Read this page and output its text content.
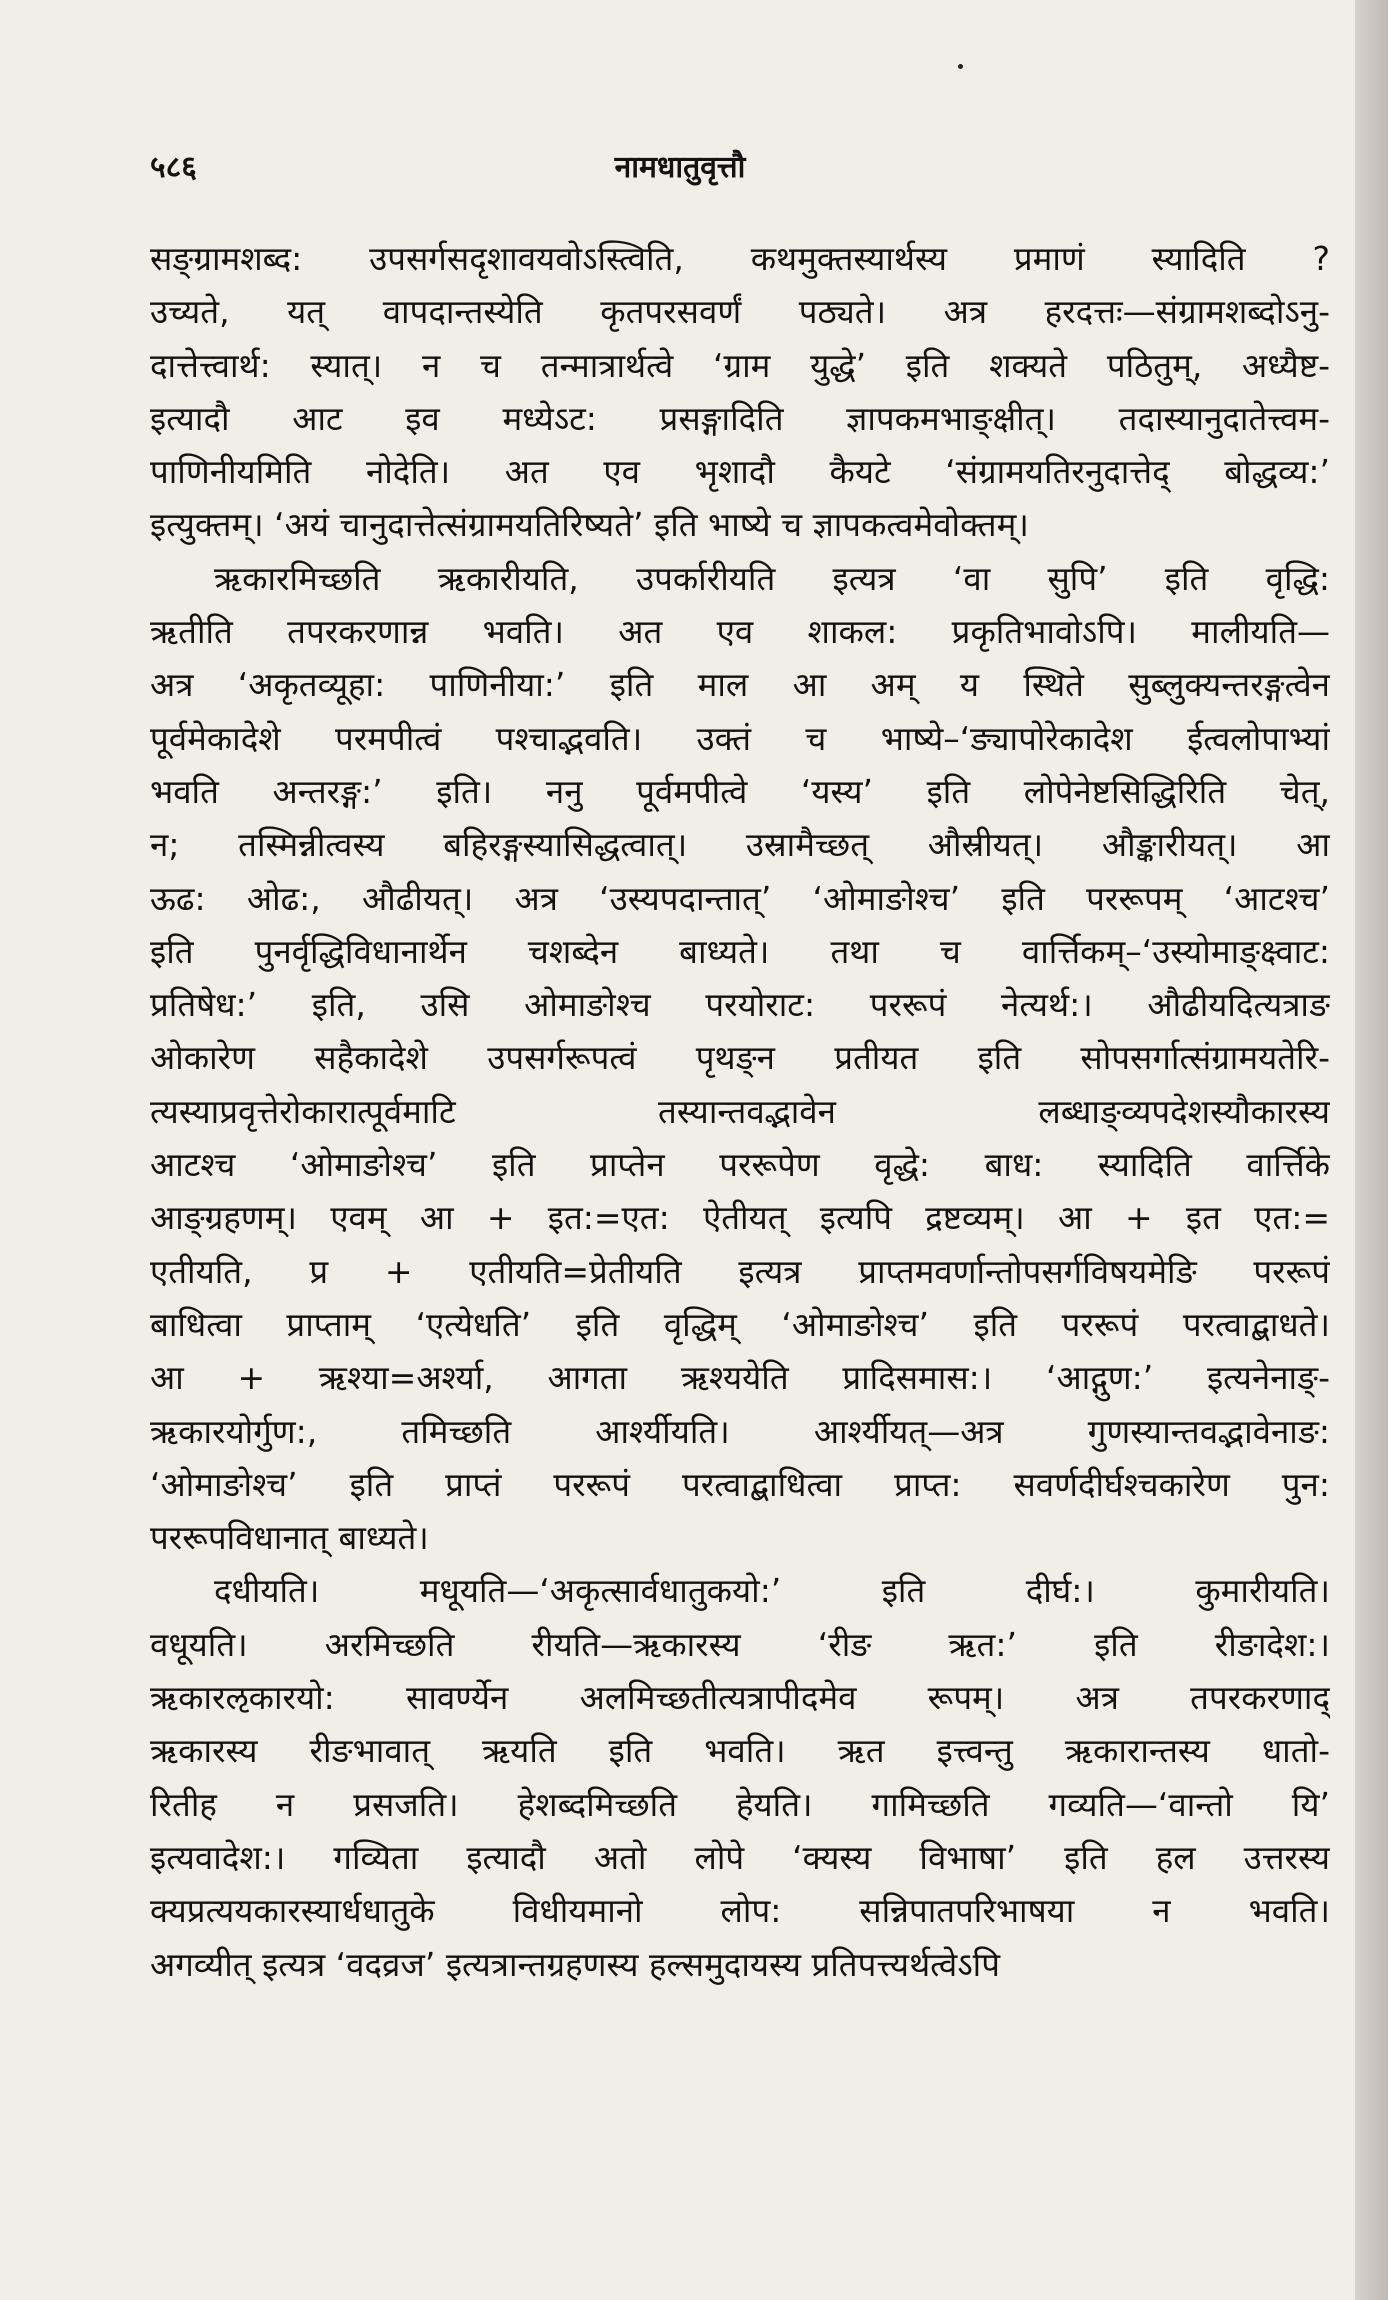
५८६	नामधातुवृत्तौ
सङ्ग्रामशब्द: उपसर्गसदृशावयवोऽस्त्विति, कथमुक्तस्यार्थस्य प्रमाणं स्यादिति ?
उच्यते, यत् वापदान्तस्येति कृतपरसवर्णं पठ्यते। अत्र हरदत्तः—संग्रामशब्दोऽनु-
दात्तेत्त्वार्थ: स्यात्। न च तन्मात्रार्थत्वे ‘ग्राम युद्धे’ इति शक्यते पठितुम्, अध्यैष्ट-
इत्यादौ आट इव मध्येऽट: प्रसङ्गादिति ज्ञापकमभाङ्क्षीत्। तदास्यानुदातेत्त्वम-
पाणिनीयमिति नोदेति। अत एव भृशादौ कैयटे ‘संग्रामयतिरनुदात्तेद् बोद्धव्य:’
इत्युक्तम्। ‘अयं चानुदात्तेत्संग्रामयतिरिष्यते’ इति भाष्ये च ज्ञापकत्वमेवोक्तम्।
ऋकारमिच्छति ऋकारीयति, उपर्कारीयति इत्यत्र ‘वा सुपि’ इति वृद्धि:
ऋतीति तपरकरणान्न भवति। अत एव शाकल: प्रकृतिभावोऽपि। मालीयति—
अत्र ‘अकृतव्यूहा: पाणिनीया:’ इति माल आ अम् य स्थिते सुब्लुक्यन्तरङ्गत्वेन
पूर्वमेकादेशे परमपीत्वं पश्चाद्भवति। उक्तं च भाष्ये–‘ङ्यापोरेकादेश ईत्वलोपाभ्यां
भवति अन्तरङ्ग:’ इति। ननु पूर्वमपीत्वे ‘यस्य’ इति लोपेनेष्टसिद्धिरिति चेत्,
न; तस्मिन्नीत्वस्य बहिरङ्गस्यासिद्धत्वात्। उस्रामैच्छत् औस्रीयत्। औङ्कारीयत्। आ
ऊढ: ओढ:, औढीयत्। अत्र ‘उस्यपदान्तात्’ ‘ओमाङोश्च’ इति पररूपम् ‘आटश्च’
इति पुनर्वृद्धिविधानार्थेन चशब्देन बाध्यते। तथा च वार्त्तिकम्–‘उस्योमाङ्क्ष्वाट:
प्रतिषेध:’ इति, उसि ओमाङोश्च परयोराट: पररूपं नेत्यर्थ:। औढीयदित्यत्राङ
ओकारेण सहैकादेशे उपसर्गरूपत्वं पृथङ्न प्रतीयत इति सोपसर्गात्संग्रामयतेरि-
त्यस्याप्रवृत्तेरोकारात्पूर्वमाटि तस्यान्तवद्भावेन लब्धाङ्व्यपदेशस्यौकारस्य
आटश्च ‘ओमाङोश्च’ इति प्राप्तेन पररूपेण वृद्धे: बाध: स्यादिति वार्त्तिके
आङ्ग्रहणम्। एवम् आ + इत:=एत: ऐतीयत् इत्यपि द्रष्टव्यम्। आ + इत एत:=
एतीयति, प्र + एतीयति=प्रेतीयति इत्यत्र प्राप्तमवर्णान्तोपसर्गविषयमेङि पररूपं
बाधित्वा प्राप्ताम् ‘एत्येधति’ इति वृद्धिम् ‘ओमाङोश्च’ इति पररूपं परत्वाद्बाधते।
आ + ऋश्या=अर्श्या, आगता ऋश्ययेति प्रादिसमास:। ‘आद्गुण:’ इत्यनेनाङ्-
ऋकारयोर्गुण:, तमिच्छति आर्श्यीयति। आर्श्यीयत्—अत्र गुणस्यान्तवद्भावेनाङ:
‘ओमाङोश्च’ इति प्राप्तं पररूपं परत्वाद्बाधित्वा प्राप्त: सवर्णदीर्घश्चकारेण पुन:
पररूपविधानात् बाध्यते।
दधीयति। मधूयति—‘अकृत्सार्वधातुकयो:’ इति दीर्घ:। कुमारीयति।
वधूयति। अरमिच्छति रीयति—ऋकारस्य ‘रीङ ऋत:’ इति रीङादेश:।
ऋकारऌकारयो: सावर्ण्येन अलमिच्छतीत्यत्रापीदमेव रूपम्। अत्र तपरकरणाद्
ऋकारस्य रीङभावात् ऋयति इति भवति। ऋत इत्त्वन्तु ऋकारान्तस्य धातो-
रितीह न प्रसजति। हेशब्दमिच्छति हेयति। गामिच्छति गव्यति—‘वान्तो यि’
इत्यवादेश:। गव्यिता इत्यादौ अतो लोपे ‘क्यस्य विभाषा’ इति हल उत्तरस्य
क्यप्रत्ययकारस्यार्धधातुके विधीयमानो लोप: सन्निपातपरिभाषया न भवति।
अगव्यीत् इत्यत्र ‘वदव्रज’ इत्यत्रान्तग्रहणस्य हल्समुदायस्य प्रतिपत्त्यर्थत्वेऽपि
